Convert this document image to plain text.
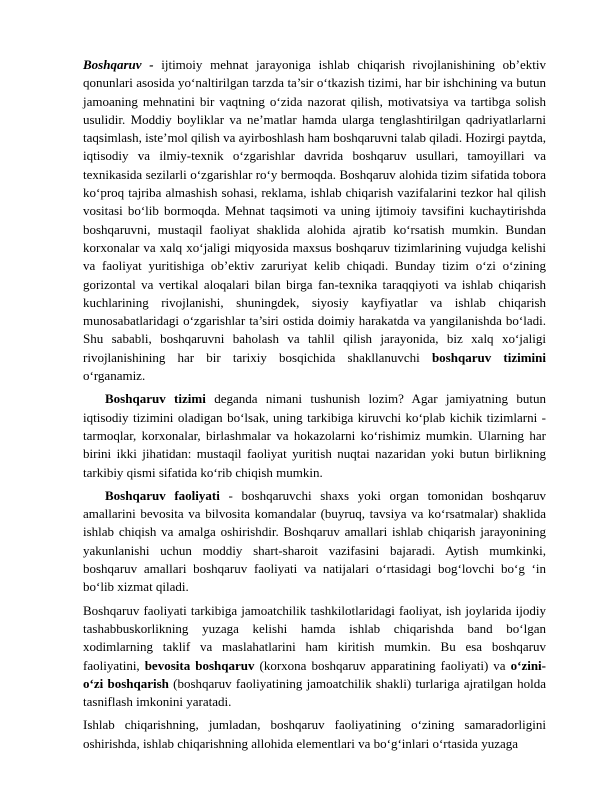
Boshqaruv - ijtimoiy mehnat jarayoniga ishlab chiqarish rivojlanishining ob’ektiv qonunlari asosida yo‘naltirilgan tarzda ta’sir o‘tkazish tizimi, har bir ishchining va butun jamoaning mehnatini bir vaqtning o‘zida nazorat qilish, motivatsiya va tartibga solish usulidir. Moddiy boyliklar va ne’matlar hamda ularga tenglashtirilgan qadriyatlarlarni taqsimlash, iste’mol qilish va ayirboshlash ham boshqaruvni talab qiladi. Hozirgi paytda, iqtisodiy va ilmiy-texnik o‘zgarishlar davrida boshqaruv usullari, tamoyillari va texnikasida sezilarli o‘zgarishlar ro‘y bermoqda. Boshqaruv alohida tizim sifatida tobora ko‘proq tajriba almashish sohasi, reklama, ishlab chiqarish vazifalarini tezkor hal qilish vositasi bo‘lib bormoqda. Mehnat taqsimoti va uning ijtimoiy tavsifini kuchaytirishda boshqaruvni, mustaqil faoliyat shaklida alohida ajratib ko‘rsatish mumkin. Bundan korxonalar va xalq xo‘jaligi miqyosida maxsus boshqaruv tizimlarining vujudga kelishi va faoliyat yuritishiga ob’ektiv zaruriyat kelib chiqadi. Bunday tizim o‘zi o‘zining gorizontal va vertikal aloqalari bilan birga fan-texnika taraqqiyoti va ishlab chiqarish kuchlarining rivojlanishi, shuningdek, siyosiy kayfiyatlar va ishlab chiqarish munosabatlaridagi o‘zgarishlar ta’siri ostida doimiy harakatda va yangilanishda bo‘ladi. Shu sababli, boshqaruvni baholash va tahlil qilish jarayonida, biz xalq xo‘jaligi rivojlanishining har bir tarixiy bosqichida shakllanuvchi boshqaruv tizimini o‘rganamiz.

Boshqaruv tizimi deganda nimani tushunish lozim? Agar jamiyatning butun iqtisodiy tizimini oladigan bo‘lsak, uning tarkibiga kiruvchi ko‘plab kichik tizimlarni - tarmoqlar, korxonalar, birlashmalar va hokazolarni ko‘rishimiz mumkin. Ularning har birini ikki jihatidan: mustaqil faoliyat yuritish nuqtai nazaridan yoki butun birlikning tarkibiy qismi sifatida ko‘rib chiqish mumkin.

Boshqaruv faoliyati - boshqaruvchi shaxs yoki organ tomonidan boshqaruv amallarini bevosita va bilvosita komandalar (buyruq, tavsiya va ko‘rsatmalar) shaklida ishlab chiqish va amalga oshirishdir. Boshqaruv amallari ishlab chiqarish jarayonining yakunlanishi uchun moddiy shart-sharoit vazifasini bajaradi. Aytish mumkinki, boshqaruv amallari boshqaruv faoliyati va natijalari o‘rtasidagi bog‘lovchi bo‘g ‘in bo‘lib xizmat qiladi.

Boshqaruv faoliyati tarkibiga jamoatchilik tashkilotlaridagi faoliyat, ish joylarida ijodiy tashabbuskorlikning yuzaga kelishi hamda ishlab chiqarishda band bo‘lgan xodimlarning taklif va maslahatlarini ham kiritish mumkin. Bu esa boshqaruv faoliyatini, bevosita boshqaruv (korxona boshqaruv apparatining faoliyati) va o‘zini-o‘zi boshqarish (boshqaruv faoliyatining jamoatchilik shakli) turlariga ajratilgan holda tasniflash imkonini yaratadi.

Ishlab chiqarishning, jumladan, boshqaruv faoliyatining o‘zining samaradorligini oshirishda, ishlab chiqarishning allohida elementlari va bo‘g‘inlari o‘rtasida yuzaga
